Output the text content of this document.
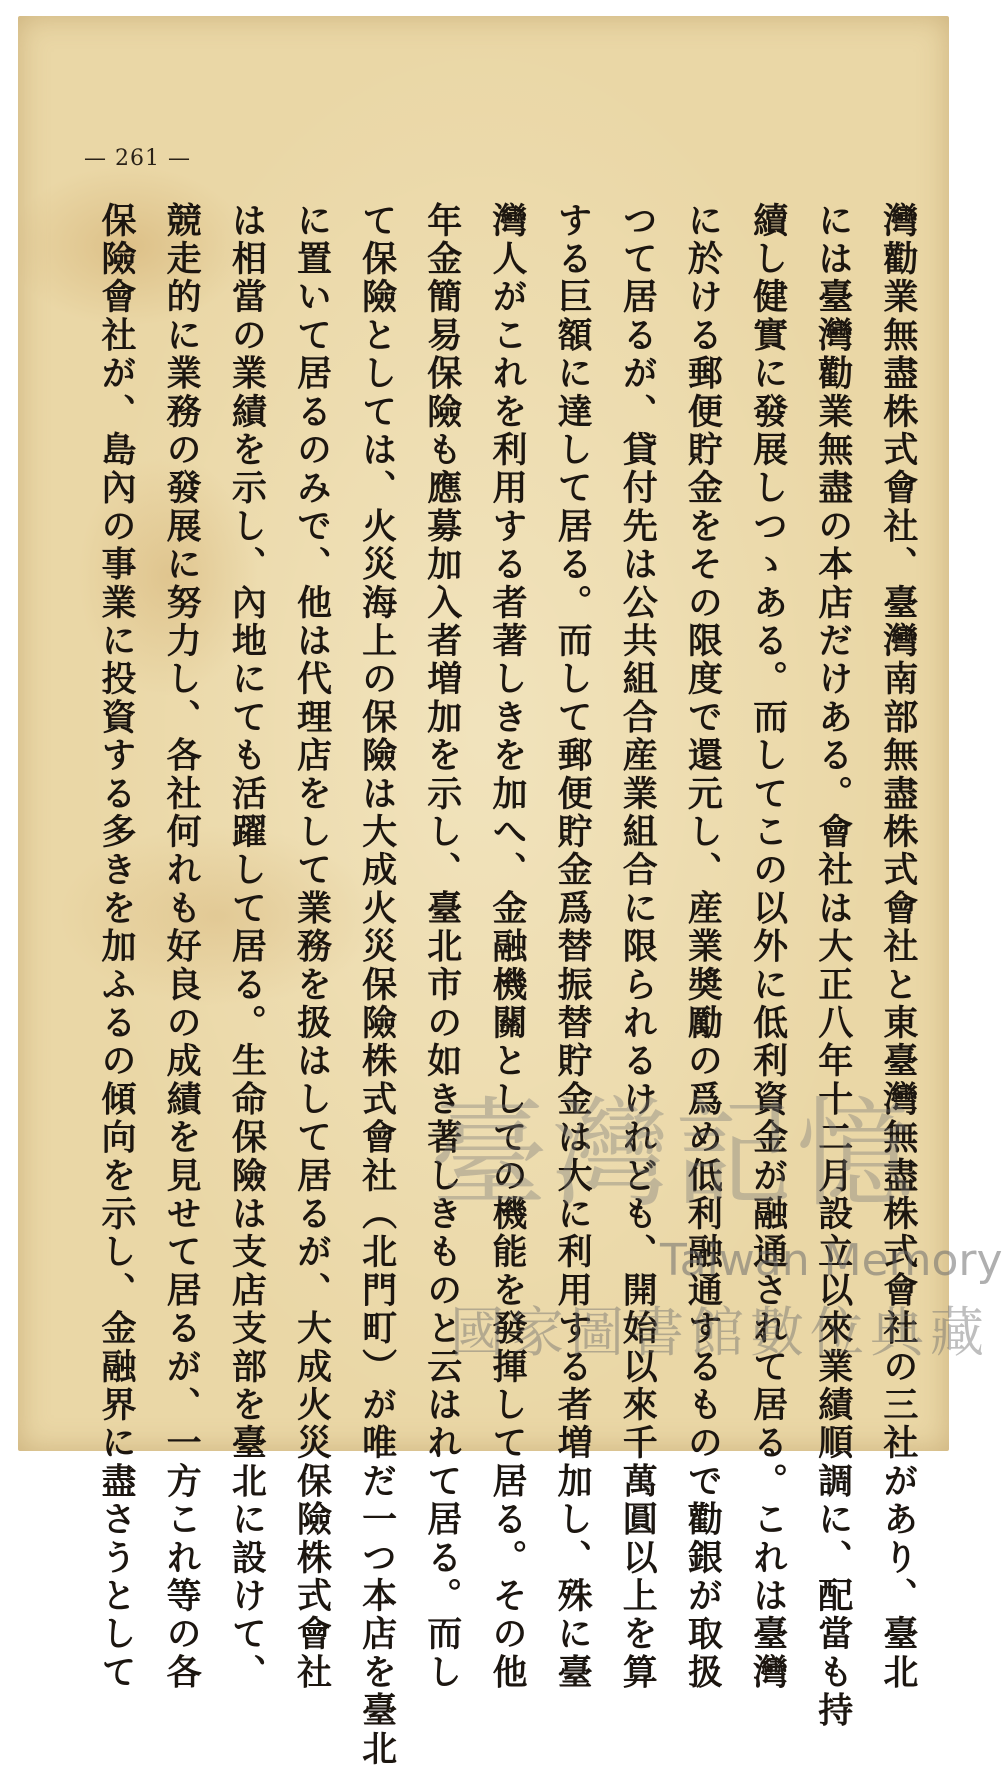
— 261 —
灣勸業無盡株式會社、臺灣南部無盡株式會社と東臺灣無盡株式會社の三社があり、臺北
には臺灣勸業無盡の本店だけある。會社は大正八年十二月設立以來業績順調に、配當も持
續し健實に發展しつゝある。而してこの以外に低利資金が融通されて居る。これは臺灣
に於ける郵便貯金をその限度で還元し、産業奬勵の爲め低利融通するもので勸銀が取扱
つて居るが、貸付先は公共組合産業組合に限られるけれども、開始以來千萬圓以上を算
する巨額に達して居る。而して郵便貯金爲替振替貯金は大に利用する者増加し、殊に臺
灣人がこれを利用する者著しきを加へ、金融機關としての機能を發揮して居る。その他
年金簡易保險も應募加入者増加を示し、臺北市の如き著しきものと云はれて居る。而し
て保險としては、火災海上の保險は大成火災保險株式會社（北門町）が唯だ一つ本店を臺北
に置いて居るのみで、他は代理店をして業務を扱はして居るが、大成火災保險株式會社
は相當の業績を示し、內地にても活躍して居る。生命保險は支店支部を臺北に設けて、
競走的に業務の發展に努力し、各社何れも好良の成績を見せて居るが、一方これ等の各
保險會社が、島內の事業に投資する多きを加ふるの傾向を示し、金融界に盡さうとして 臺灣記憶
Taiwan Memory
國家圖書館數位典藏
